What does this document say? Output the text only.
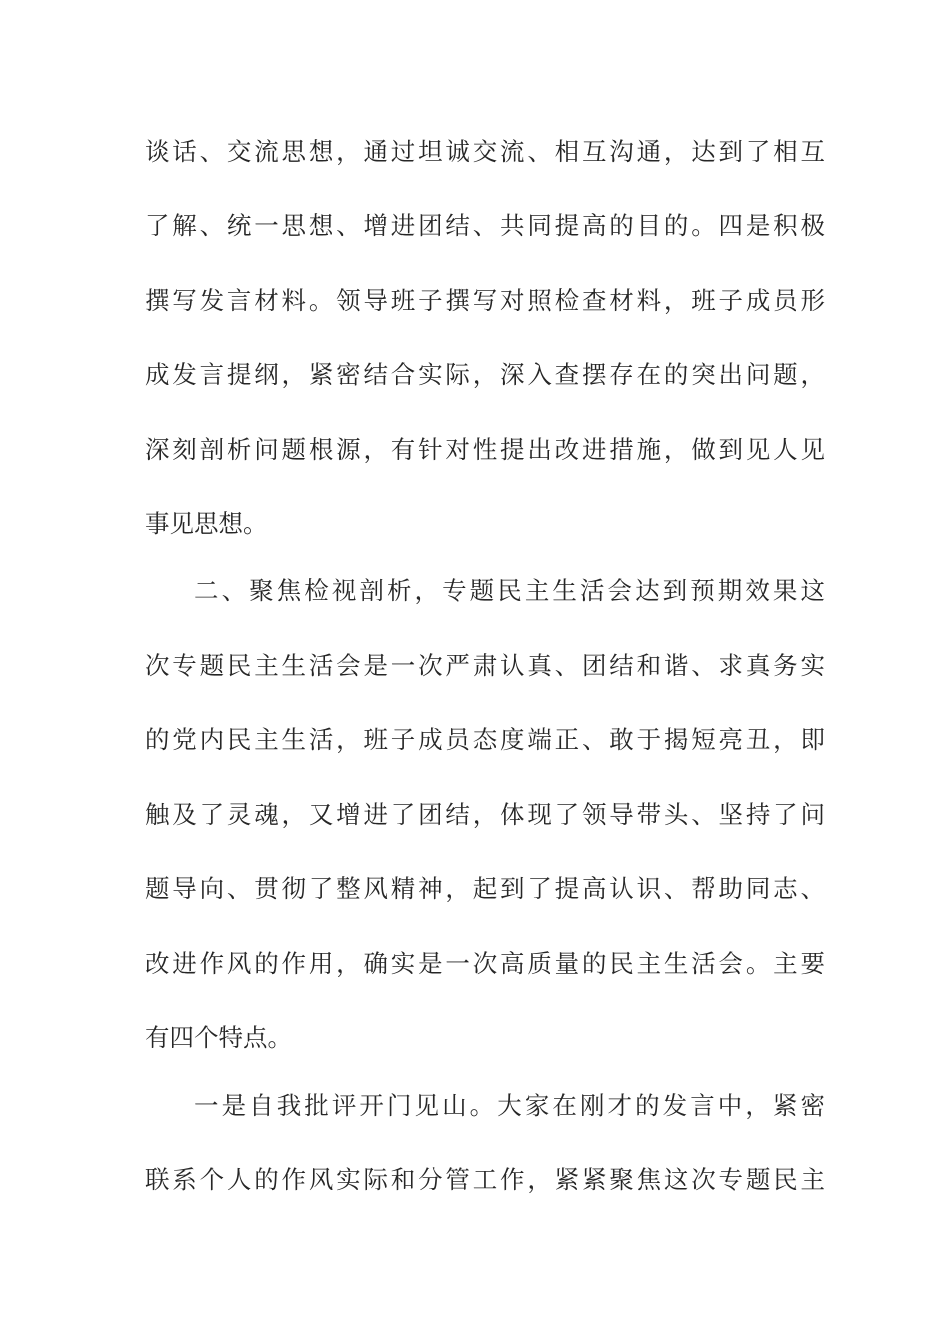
谈话、交流思想，通过坦诚交流、相互沟通，达到了相互
了解、统一思想、增进团结、共同提高的目的。四是积极
撰写发言材料。领导班子撰写对照检查材料，班子成员形
成发言提纲，紧密结合实际，深入查摆存在的突出问题，
深刻剖析问题根源，有针对性提出改进措施，做到见人见
事见思想。
二、聚焦检视剖析，专题民主生活会达到预期效果这
次专题民主生活会是一次严肃认真、团结和谐、求真务实
的党内民主生活，班子成员态度端正、敢于揭短亮丑，即
触及了灵魂，又增进了团结，体现了领导带头、坚持了问
题导向、贯彻了整风精神，起到了提高认识、帮助同志、
改进作风的作用，确实是一次高质量的民主生活会。主要
有四个特点。
一是自我批评开门见山。大家在刚才的发言中，紧密
联系个人的作风实际和分管工作，紧紧聚焦这次专题民主
